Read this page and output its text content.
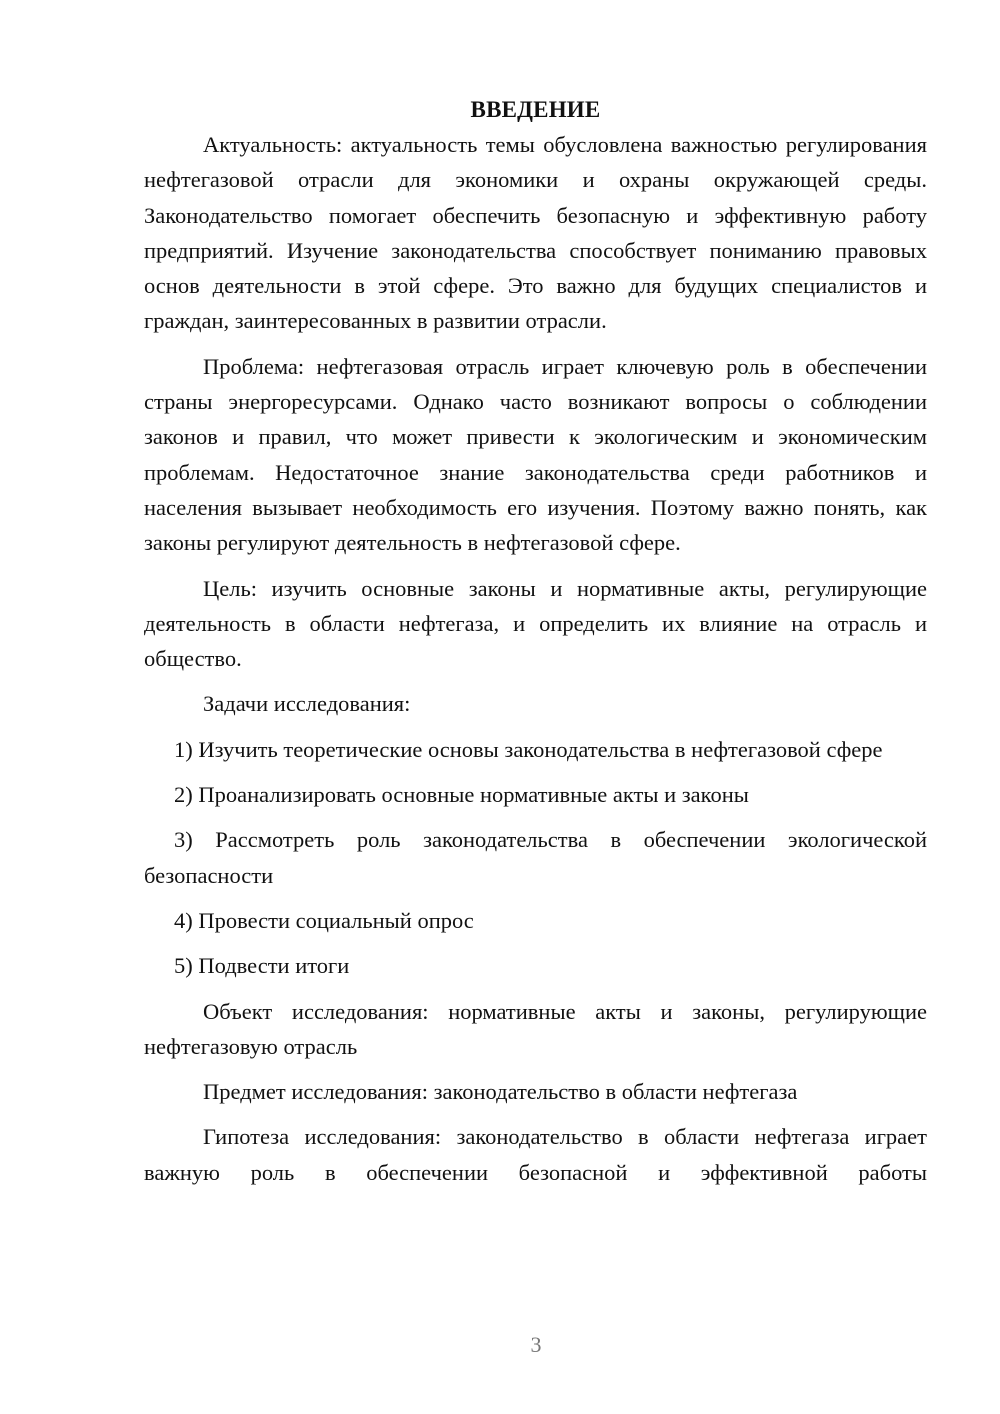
ВВЕДЕНИЕ

Актуальность: актуальность темы обусловлена важностью регулирования нефтегазовой отрасли для экономики и охраны окружающей среды. Законодательство помогает обеспечить безопасную и эффективную работу предприятий. Изучение законодательства способствует пониманию правовых основ деятельности в этой сфере. Это важно для будущих специалистов и граждан, заинтересованных в развитии отрасли.

Проблема: нефтегазовая отрасль играет ключевую роль в обеспечении страны энергоресурсами. Однако часто возникают вопросы о соблюдении законов и правил, что может привести к экологическим и экономическим проблемам. Недостаточное знание законодательства среди работников и населения вызывает необходимость его изучения. Поэтому важно понять, как законы регулируют деятельность в нефтегазовой сфере.

Цель: изучить основные законы и нормативные акты, регулирующие деятельность в области нефтегаза, и определить их влияние на отрасль и общество.

Задачи исследования:

1) Изучить теоретические основы законодательства в нефтегазовой сфере

2) Проанализировать основные нормативные акты и законы

3) Рассмотреть роль законодательства в обеспечении экологической безопасности

4) Провести социальный опрос

5) Подвести итоги

Объект исследования: нормативные акты и законы, регулирующие нефтегазовую отрасль

Предмет исследования: законодательство в области нефтегаза

Гипотеза исследования: законодательство в области нефтегаза играет важную роль в обеспечении безопасной и эффективной работы

3
